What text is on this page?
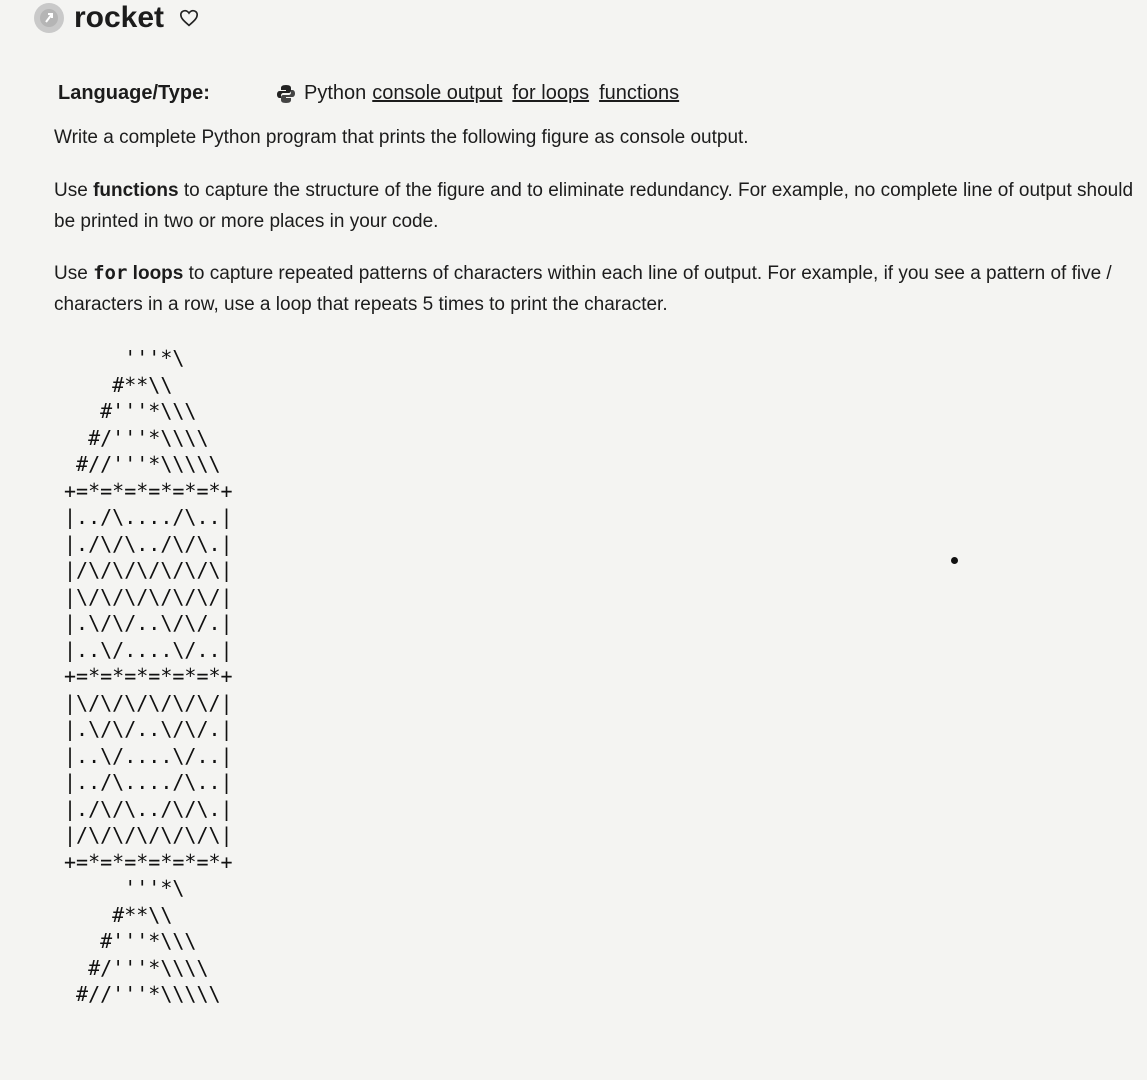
rocket
Language/Type:	Python console output for loops functions
Write a complete Python program that prints the following figure as console output.
Use functions to capture the structure of the figure and to eliminate redundancy. For example, no complete line of output should be printed in two or more places in your code.
Use for loops to capture repeated patterns of characters within each line of output. For example, if you see a pattern of five / characters in a row, use a loop that repeats 5 times to print the character.
'''*\
#**\\
#'''*\\\
#/'''*\\\\
#//'''*\\\\\
+=*=*=*=*=*=*+
|../\..../\..|
|./\/\../\/\.|
|/\/\/\/\/\/\|
|\/\/\/\/\/\/|
|.\/\/..\/\/.|
|..\/....\/..|
+=*=*=*=*=*=*+
|\/\/\/\/\/\/|
|.\/\/..\/\/.|
|..\/....\/..|
|../\..../\..|
|./\/\../\/\.|
|/\/\/\/\/\/\|
+=*=*=*=*=*=*+
'''*\
#**\\
#'''*\\\
#/'''*\\\\
#//'''*\\\\\
